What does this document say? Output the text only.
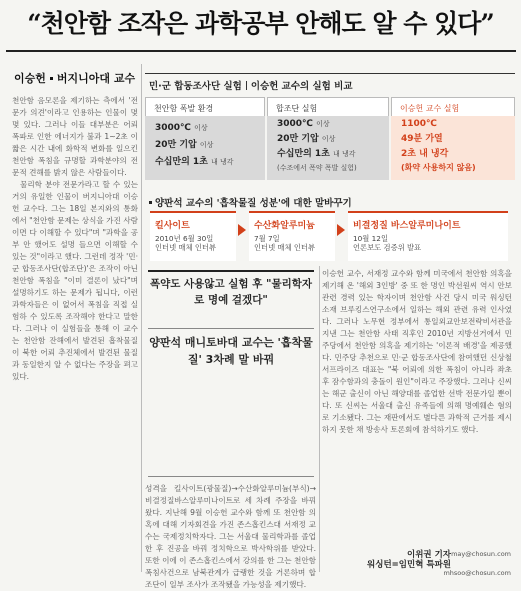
“천안함 조작은 과학공부 안해도 알 수 있다”
이승헌 버지니아대 교수

천안함 음모론을 제기하는 측에서 '전문가 의견'이라고 인용하는 인물이 몇몇 있다. 그러나 이들 대부분은 어뢰 폭파로 인한 에너지가 불과 1~2초 이 짧은 시간 내에 화학적 변화를 일으킨 천안함 폭침을 규명할 과학분야의 전문적 견해를 밝지 않은 사람들이다.

물리학 분야 전문가라고 할 수 있는 거의 유일한 인물이 버지니아대 이승헌 교수다. 그는 18일 본지와의 통화에서 "천안함 문제는 상식을 가진 사람이면 다 이해할 수 있다"며 "과학을 공부 안 했어도 설명 들으면 이해할 수 있는 것"이라고 했다. 그런데 정작 '민·군 합동조사단(합조단)'은 조작이 아닌 천안함 폭침을 "이미 결론이 났다"며 설명하기도 하는 문제가 됩니다, 이런 과학자들은 이 없어서 폭침을 직접 실험하 수 있도록 조작해야 한다고 말한다. 그러나 이 실험들을 통해 이 교수는 천안함 잔해에서 발견된 흡착물질이 북한 어뢰 추진체에서 발견된 물질과 동일한지 알 수 없다는 주장을 펴고 있다.

민·군 합동조사단 실험 이승헌 교수의 실험 비교
천안함 폭발 환경
3000℃ 이상
20만 기압 이상
수십만의 1초 내 냉각
합조단 실험
3000℃ 이상
20만 기압 이상
수십만의 1초 내 냉각
(수조에서 폭약 폭발 실험)
이승헌 교수 실험
1100℃
49분 가열
2초 내 냉각
(화약 사용하지 않음)
양판석 교수의 '흡착물질 성분'에 대한 말바꾸기
킬사이트
2010년 6월 30일
인터넷 매체 인터뷰
수산화알루미늄
7월 7일
인터넷 매체 인터뷰
비결정질 바스알루미나이트
10월 12일
언론보도 검증위 발표
폭약도 사용않고 실험 후 "물리학자로 명예 걸겠다"
양판석 매니토바대 교수는 '흡착물질' 3차례 말 바꿔

성격을 킬사이트(광물질)→수산화알루미늄(부식)→비결정질바스알루미나이트로 세 차례 주장을 바꿔 왔다. 지난해 9월 이승헌 교수와 함께 또 천안함 의혹에 대해 기자회견을 가진 존스홉킨스대 서재정 교수는 국제정치학자다. 그는 서울대 물리학과를 졸업한 후 진공을 바꿔 정치학으로 박사학위를 받았다. 또한 이에 이 존스홉킨스에서 강의를 한 그는 천안함 폭침사건으로 남북관계가 급랭한 것을 거론하며 합조단이 일부 조사가 조작됐을 가능성을 제기했다.

이승헌 교수, 서재정 교수와 함께 미국에서 천안함 의혹을 제기해 온 '해외 3인방' 중 또 한 명인 박선원씨 역시 안보관련 경력 있는 학자이며 천안함 사건 당시 미국 워싱턴 소재 브루킹스연구소에서 일하는 해외 관련 유력 인사였다. 그러나 노무현 정부에서 통일외교안보전략비서관을 지낸 그는 천안함 사태 직후인 2010년 지방선거에서 민주당에서 천안함 의혹을 제기하는 '이론적 배경'을 제공했다. 민주당 추천으로 민·군 합동조사단에 참여했던 신상철 서프라이즈 대표는 "북 어뢰에 의한 폭침이 아니라 좌초 후 잠수함과의 충돌이 원인"이라고 주장했다. 그러나 신씨는 해군 출신이 아닌 해양대를 졸업한 선박 전문가일 뿐이다. 또 신씨는 서울대 출신 유족들에 의해 명예훼손 혐의로 기소됐다. 그는 재판에서도 별다른 과학적 근거를 제시하지 못한 채 방송사 토론회에 참석하기도 했다.

이위권 기자 may@chosun.com
워싱턴=임민혁 특파원
mhsoo@chosun.com
